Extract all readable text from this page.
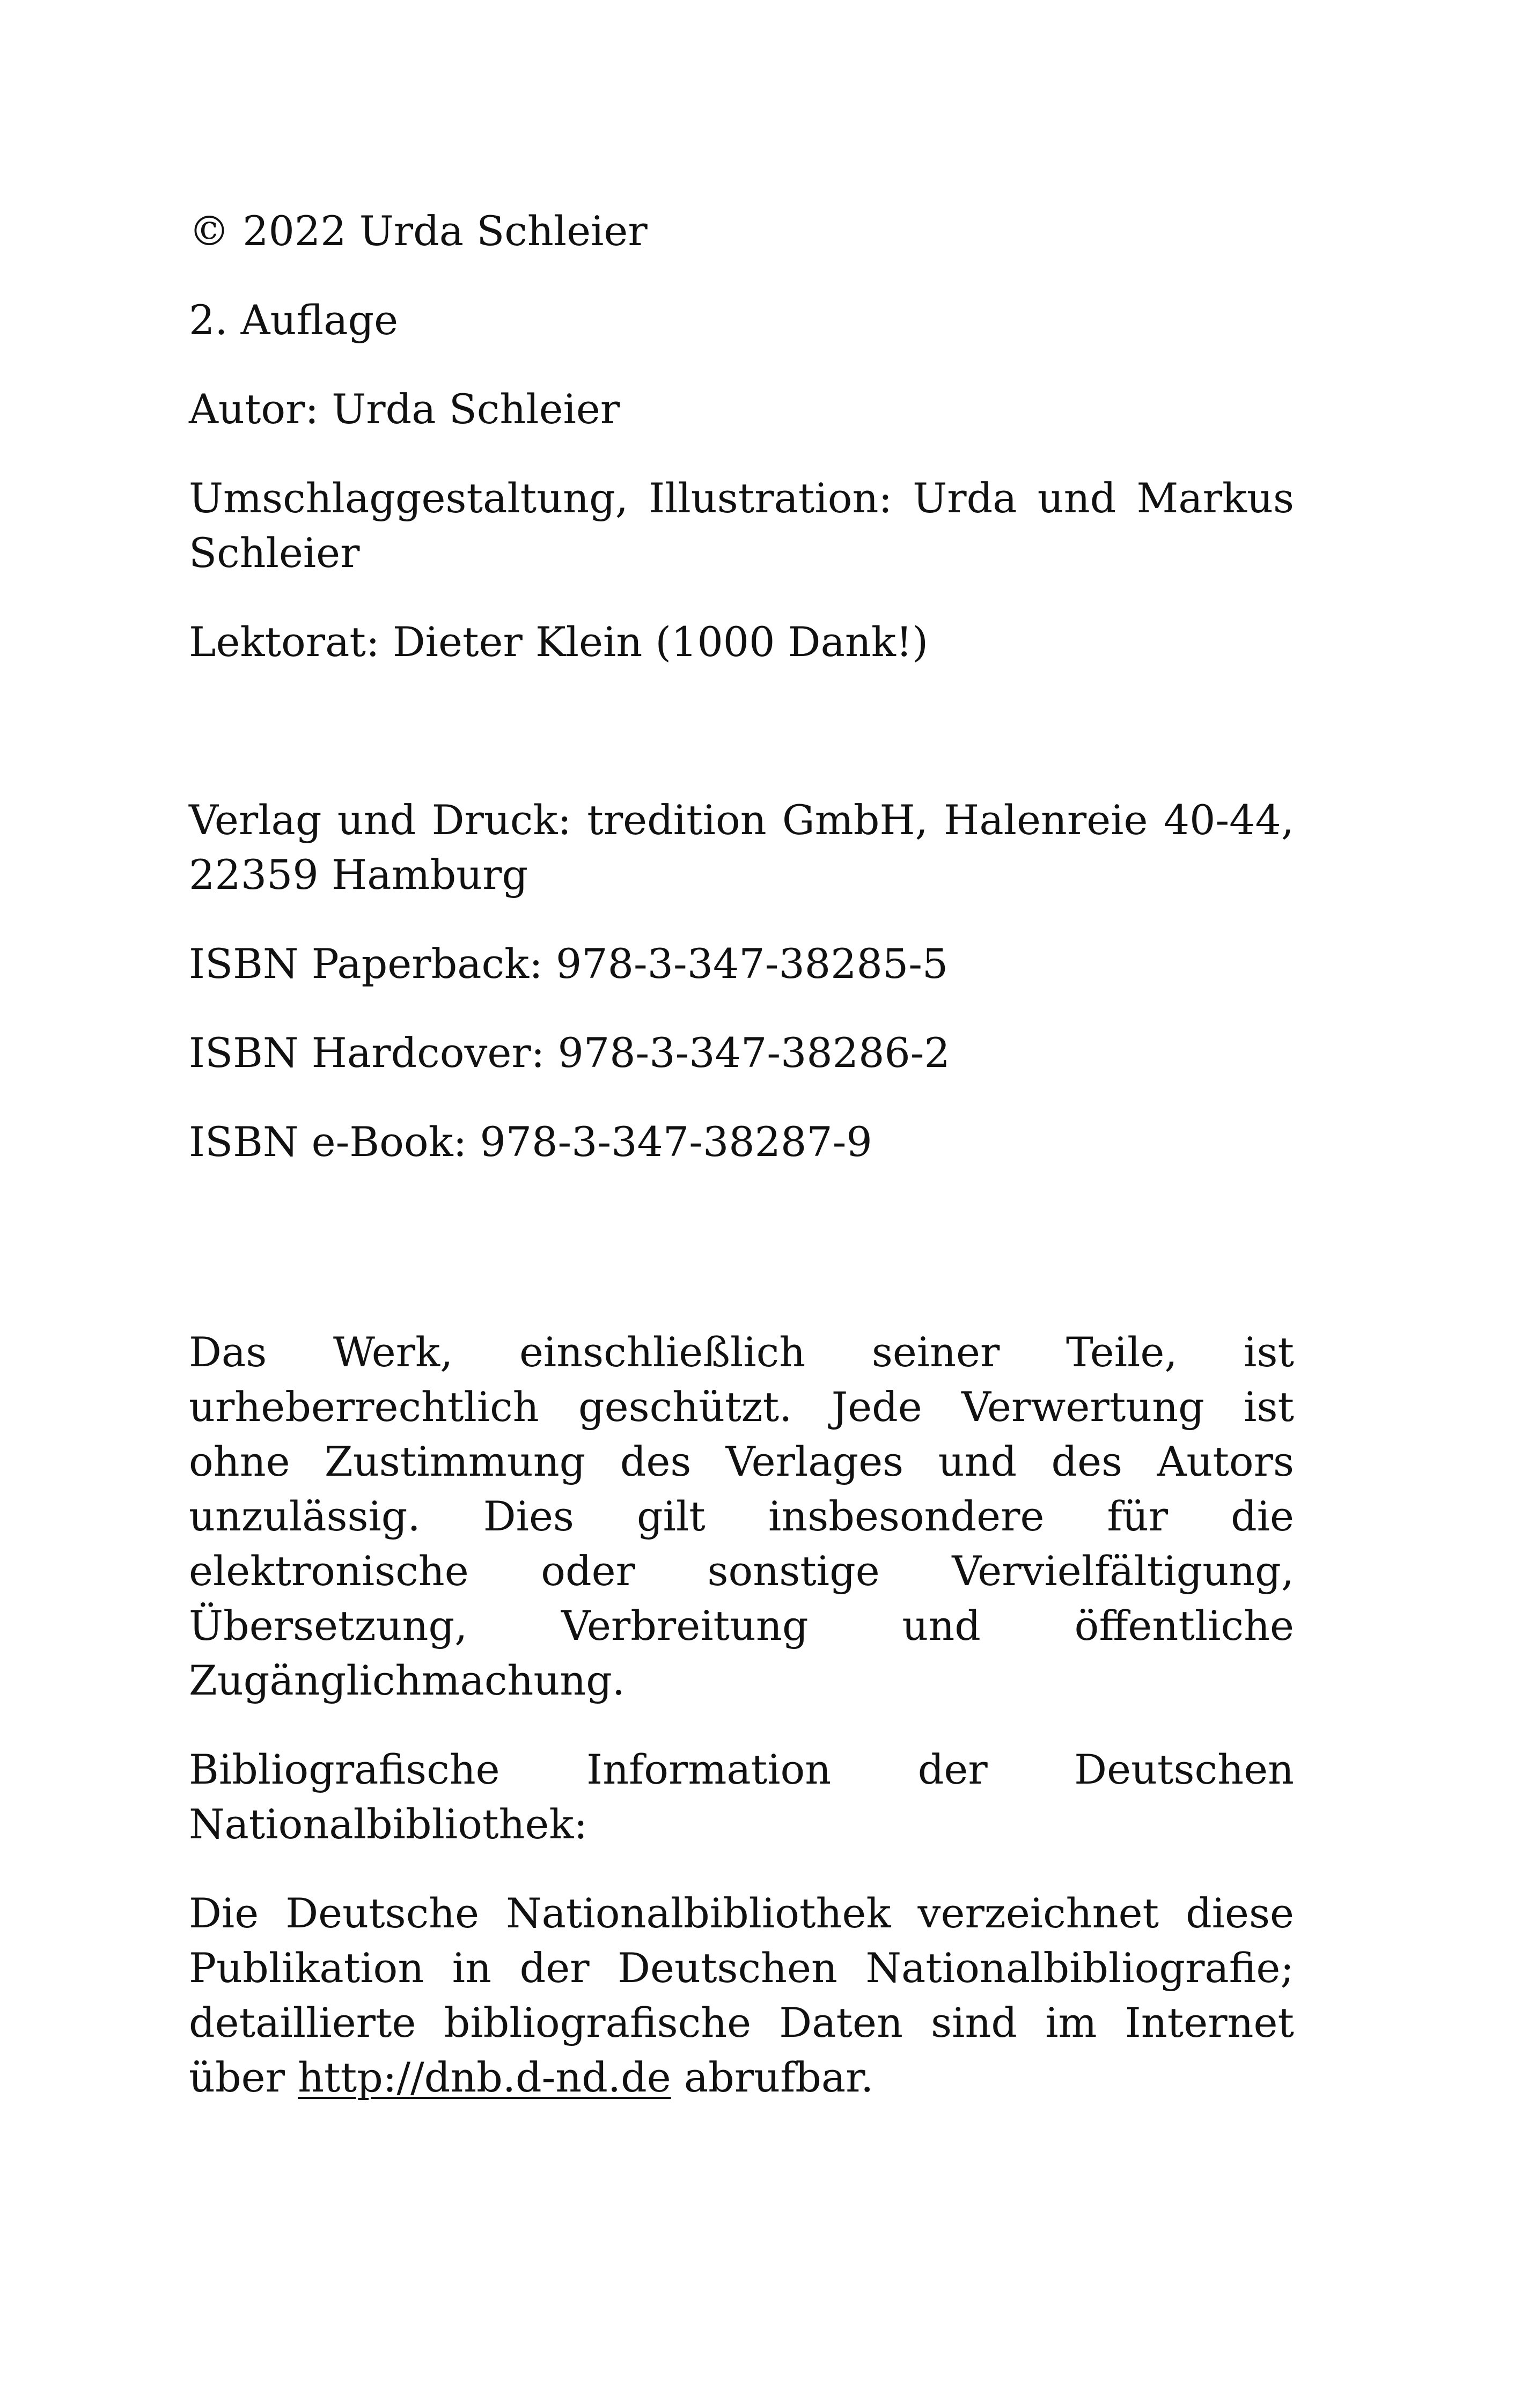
© 2022 Urda Schleier

2. Auflage

Autor: Urda Schleier

Umschlaggestaltung, Illustration: Urda und Markus Schleier

Lektorat: Dieter Klein (1000 Dank!)

Verlag und Druck: tredition GmbH, Halenreie 40-44, 22359 Hamburg

ISBN Paperback: 978-3-347-38285-5

ISBN Hardcover: 978-3-347-38286-2

ISBN e-Book: 978-3-347-38287-9

Das Werk, einschließlich seiner Teile, ist urheberrechtlich geschützt. Jede Verwertung ist ohne Zustimmung des Verlages und des Autors unzulässig. Dies gilt insbesondere für die elektronische oder sonstige Vervielfältigung, Übersetzung, Verbreitung und öffentliche Zugänglichmachung.

Bibliografische Information der Deutschen Nationalbibliothek:

Die Deutsche Nationalbibliothek verzeichnet diese Publikation in der Deutschen Nationalbibliografie; detaillierte bibliografische Daten sind im Internet über http://dnb.d-nd.de abrufbar.
